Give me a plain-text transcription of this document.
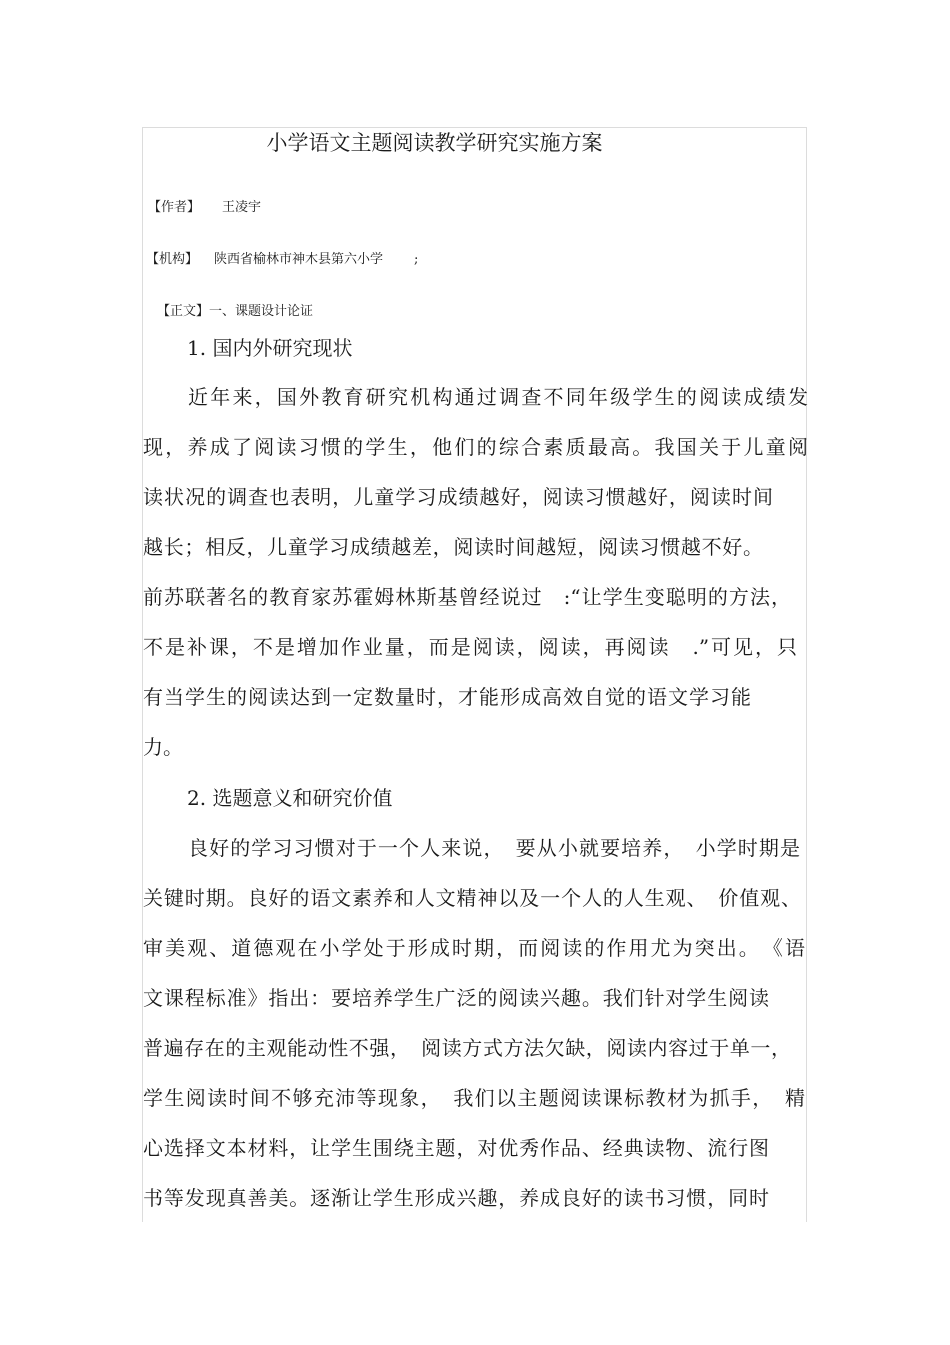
小学语文主题阅读教学研究实施方案
【作者】 王凌宇
【机构】 陕西省榆林市神木县第六小学 ;
【正文】一、课题设计论证
1. 国内外研究现状
近年来，国外教育研究机构通过调查不同年级学生的阅读成绩发
现，养成了阅读习惯的学生，他们的综合素质最高。我国关于儿童阅
读状况的调查也表明，儿童学习成绩越好，阅读习惯越好，阅读时间
越长；相反，儿童学习成绩越差，阅读时间越短，阅读习惯越不好。
前苏联著名的教育家苏霍姆林斯基曾经说过　:“让学生变聪明的方法，
不是补课，不是增加作业量，而是阅读，阅读，再阅读　.”可见，只
有当学生的阅读达到一定数量时，才能形成高效自觉的语文学习能
力。
2. 选题意义和研究价值
良好的学习习惯对于一个人来说，　要从小就要培养，　小学时期是
关键时期。良好的语文素养和人文精神以及一个人的人生观、　价值观、
审美观、道德观在小学处于形成时期，而阅读的作用尤为突出。　《语
文课程标准》指出：要培养学生广泛的阅读兴趣。我们针对学生阅读
普遍存在的主观能动性不强，　阅读方式方法欠缺，阅读内容过于单一，
学生阅读时间不够充沛等现象，　我们以主题阅读课标教材为抓手，　精
心选择文本材料，让学生围绕主题，对优秀作品、经典读物、流行图
书等发现真善美。逐渐让学生形成兴趣，养成良好的读书习惯，同时
